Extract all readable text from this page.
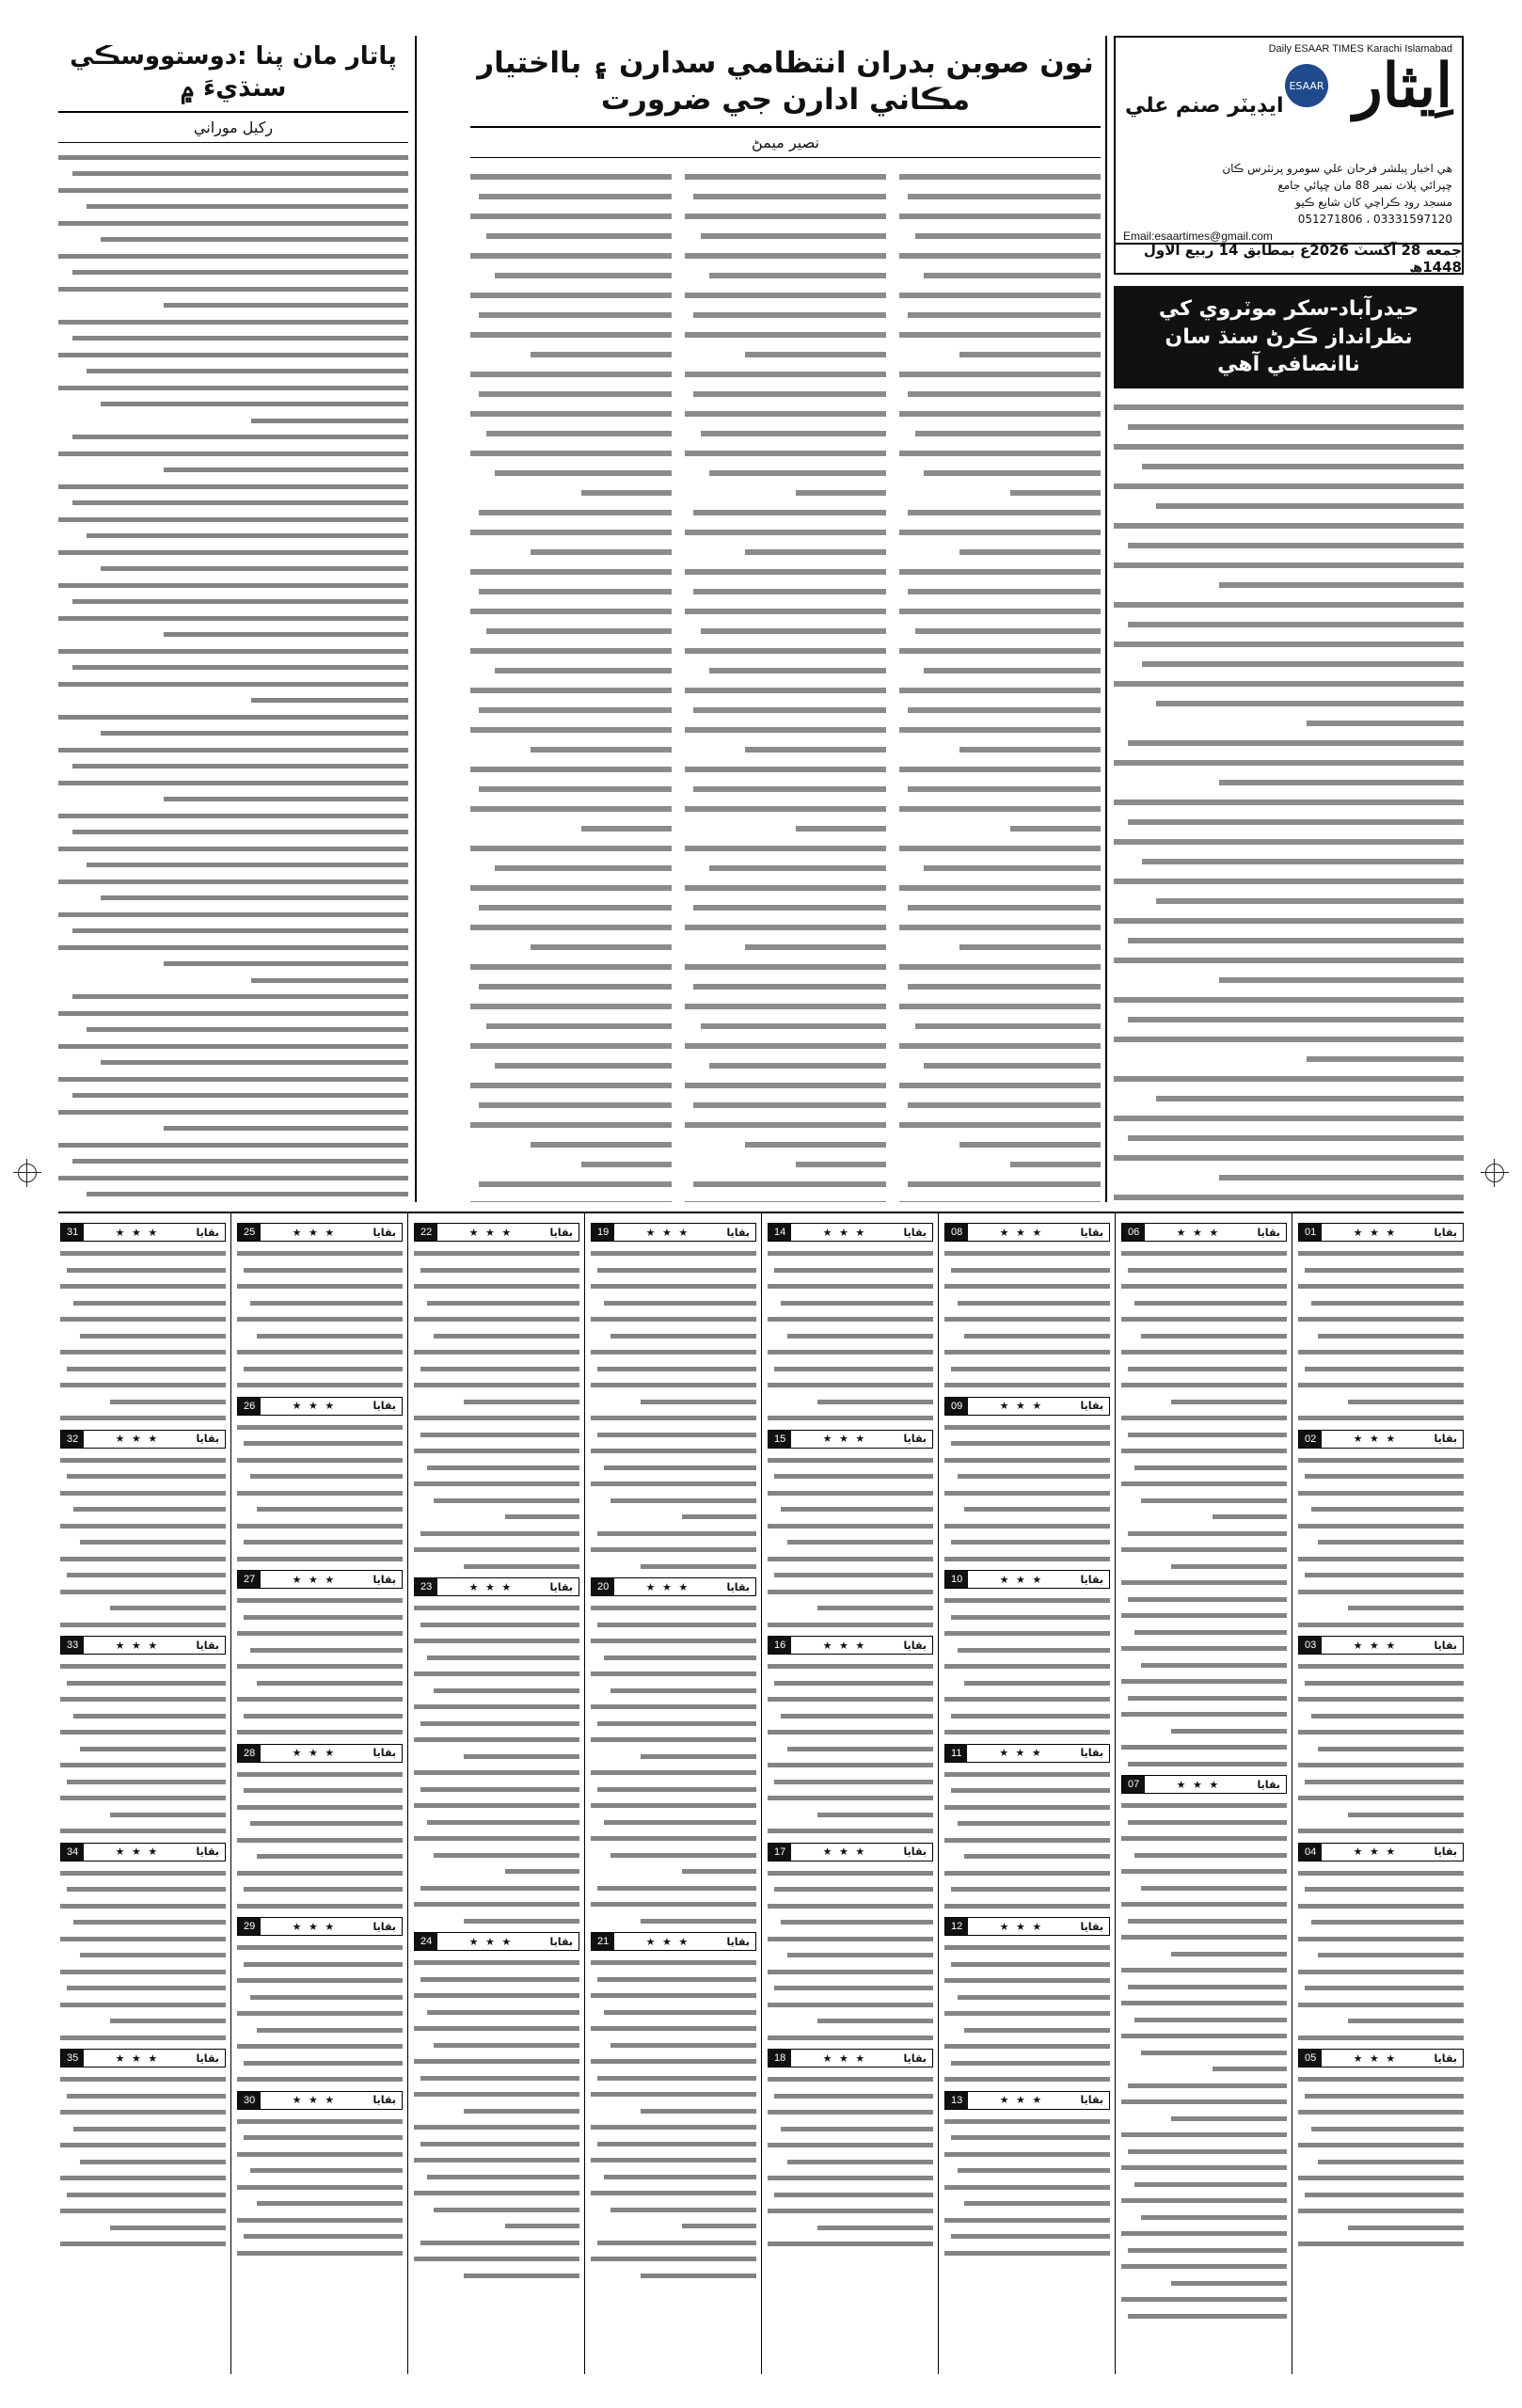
Daily ESAAR TIMES Karachi Islamabad
اِيثار
ESAAR
ايڊيٽر صنم علي
هي اخبار پبلشر فرحان علي سومرو پرنٽرس ڪان
ڇپرائي پلاٽ نمبر 88 مان ڇپائي جامع
مسجد روڊ ڪراچي کان شايع ڪيو
03331597120 ، 051271806
Email:esaartimes@gmail.com
جمعه 28 آگسٽ 2026ع بمطابق 14 ربيع الاول 1448ھ
حيدرآباد-سکر موٽروي کي نظرانداز ڪرڻ سنڌ سان ناانصافي آهي
نون صوبن بدران انتظامي سدارن ۽ بااختيار مڪاني ادارن جي ضرورت
نصير ميمڻ
پاتار مان پنا :دوستووسڪي سنڌيءَ ۾
رکيل موراني
بقايا
★ ★ ★
01
بقايا
★ ★ ★
02
بقايا
★ ★ ★
03
بقايا
★ ★ ★
04
بقايا
★ ★ ★
05
بقايا
★ ★ ★
06
بقايا
★ ★ ★
07
بقايا
★ ★ ★
08
بقايا
★ ★ ★
09
بقايا
★ ★ ★
10
بقايا
★ ★ ★
11
بقايا
★ ★ ★
12
بقايا
★ ★ ★
13
بقايا
★ ★ ★
14
بقايا
★ ★ ★
15
بقايا
★ ★ ★
16
بقايا
★ ★ ★
17
بقايا
★ ★ ★
18
بقايا
★ ★ ★
19
بقايا
★ ★ ★
20
بقايا
★ ★ ★
21
بقايا
★ ★ ★
22
بقايا
★ ★ ★
23
بقايا
★ ★ ★
24
بقايا
★ ★ ★
25
بقايا
★ ★ ★
26
بقايا
★ ★ ★
27
بقايا
★ ★ ★
28
بقايا
★ ★ ★
29
بقايا
★ ★ ★
30
بقايا
★ ★ ★
31
بقايا
★ ★ ★
32
بقايا
★ ★ ★
33
بقايا
★ ★ ★
34
بقايا
★ ★ ★
35
